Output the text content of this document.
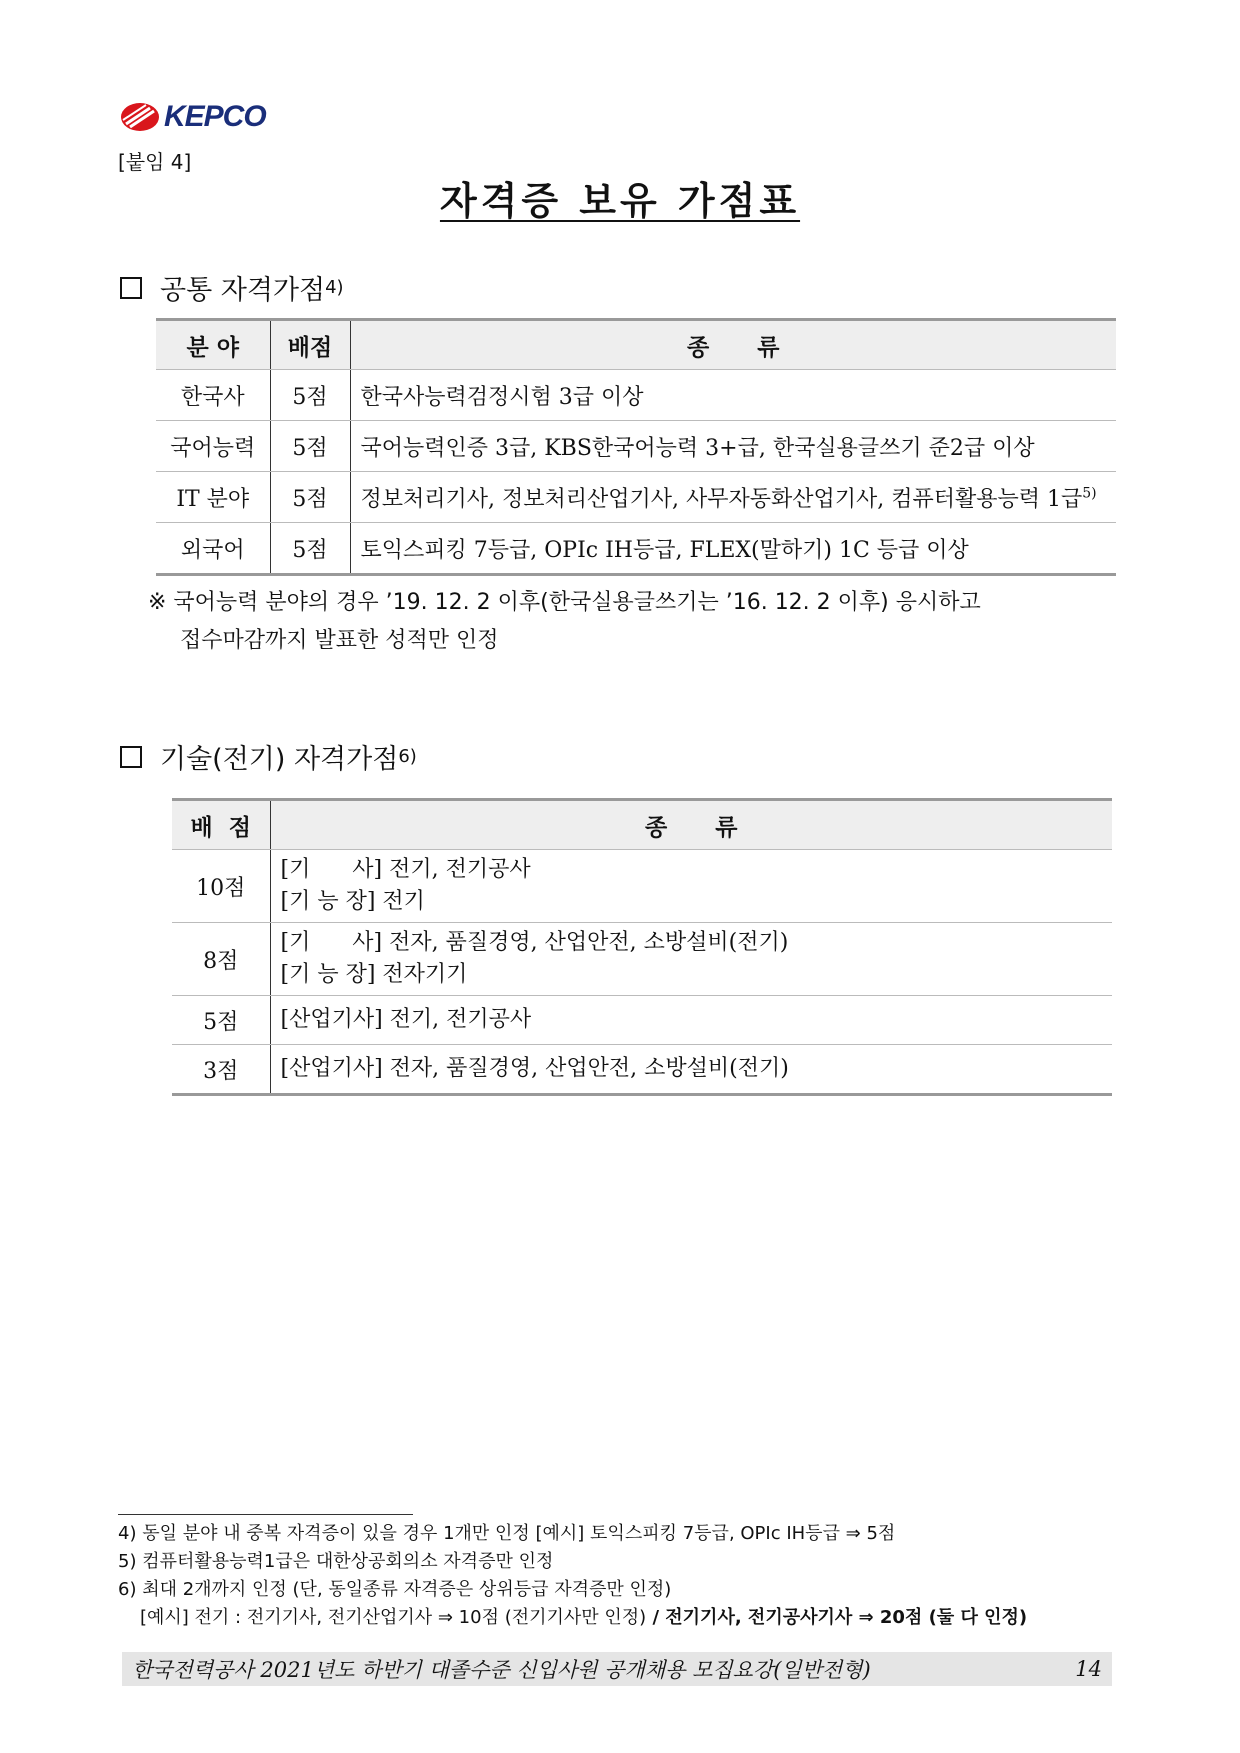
KEPCO
[붙임 4]
자격증 보유 가점표
공통 자격가점 4)
분 야	배점	종      류
한국사	5점	한국사능력검정시험 3급 이상
국어능력	5점	국어능력인증 3급, KBS한국어능력 3+급, 한국실용글쓰기 준2급 이상
IT 분야	5점	정보처리기사, 정보처리산업기사, 사무자동화산업기사, 컴퓨터활용능력 1급$^{5)}$
외국어	5점	토익스피킹 7등급, OPIc IH등급, FLEX(말하기) 1C 등급 이상
※ 국어능력 분야의 경우 ’19. 12. 2 이후(한국실용글쓰기는 ’16. 12. 2 이후) 응시하고
접수마감까지 발표한 성적만 인정
기술(전기) 자격가점 6)
배  점	종      류
10점	[기      사] 전기, 전기공사
[기 능 장] 전기

8점	[기      사] 전자, 품질경영, 산업안전, 소방설비(전기)
[기 능 장] 전자기기

5점	[산업기사] 전기, 전기공사

3점	[산업기사] 전자, 품질경영, 산업안전, 소방설비(전기)
4) 동일 분야 내 중복 자격증이 있을 경우 1개만 인정 [예시] 토익스피킹 7등급, OPIc IH등급 ⇒ 5점
5) 컴퓨터활용능력1급은 대한상공회의소 자격증만 인정
6) 최대 2개까지 인정 (단, 동일종류 자격증은 상위등급 자격증만 인정)
[예시] 전기 : 전기기사, 전기산업기사 ⇒ 10점 (전기기사만 인정) / 전기기사, 전기공사기사 ⇒ 20점 (둘 다 인정)
한국전력공사 2021년도 하반기 대졸수준 신입사원 공개채용 모집요강(일반전형)	14
